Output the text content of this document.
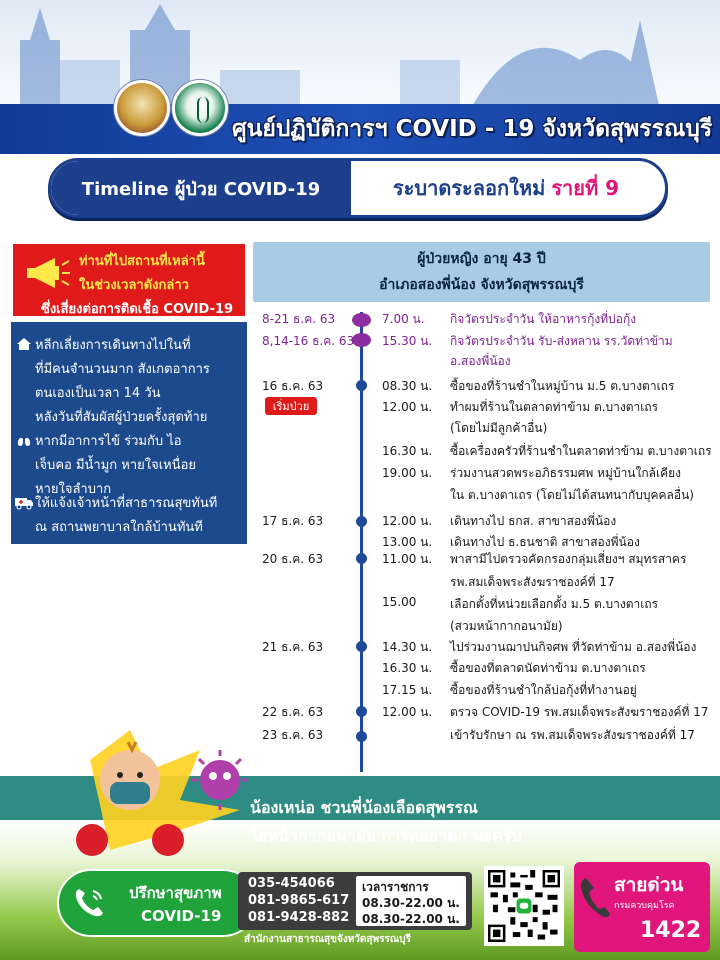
ศูนย์ปฏิบัติการฯ COVID - 19 จังหวัดสุพรรณบุรี
Timeline ผู้ป่วย COVID-19	ระบาดระลอกใหม่ รายที่ 9
ท่านที่ไปสถานที่เหล่านี้
ในช่วงเวลาดังกล่าว
ซึ่งเสี่ยงต่อการติดเชื้อ COVID-19
หลีกเลี่ยงการเดินทางไปในที่
ที่มีคนจำนวนมาก สังเกตอาการ
ตนเองเป็นเวลา 14 วัน
หลังวันที่สัมผัสผู้ป่วยครั้งสุดท้าย
หากมีอาการไข้ ร่วมกับ ไอ
เจ็บคอ มีน้ำมูก หายใจเหนื่อย
หายใจลำบาก
ให้แจ้งเจ้าหน้าที่สาธารณสุขทันที
ณ สถานพยาบาลใกล้บ้านทันที
ผู้ป่วยหญิง อายุ 43 ปี
อำเภอสองพี่น้อง จังหวัดสุพรรณบุรี
เริ่มป่วย
8-21 ธ.ค. 63	7.00 น. กิจวัตรประจำวัน ให้อาหารกุ้งที่บ่อกุ้ง
8,14-16 ธ.ค. 63 15.30 น. กิจวัตรประจำวัน รับ-ส่งหลาน รร.วัดท่าข้าม
อ.สองพี่น้อง
16 ธ.ค. 63	08.30 น. ซื้อของที่ร้านชำในหมู่บ้าน ม.5 ต.บางตาเถร
12.00 น. ทำผมที่ร้านในตลาดท่าข้าม ต.บางตาเถร
(โดยไม่มีลูกค้าอื่น)
16.30 น. ซื้อเครื่องครัวที่ร้านชำในตลาดท่าข้าม ต.บางตาเถร
19.00 น. ร่วมงานสวดพระอภิธรรมศพ หมู่บ้านใกล้เคียง
ใน ต.บางตาเถร (โดยไม่ได้สนทนากับบุคคลอื่น)
17 ธ.ค. 63	12.00 น. เดินทางไป ธกส. สาขาสองพี่น้อง
13.00 น. เดินทางไป ธ.ธนชาติ สาขาสองพี่น้อง
20 ธ.ค. 63	11.00 น. พาสามีไปตรวจคัดกรองกลุ่มเสี่ยงฯ สมุทรสาคร
รพ.สมเด็จพระสังฆราชองค์ที่ 17
15.00	เลือกตั้งที่หน่วยเลือกตั้ง ม.5 ต.บางตาเถร
(สวมหน้ากากอนามัย)
21 ธ.ค. 63	14.30 น. ไปร่วมงานฌาปนกิจศพ ที่วัดท่าข้าม อ.สองพี่น้อง
16.30 น. ซื้อของที่ตลาดนัดท่าข้าม ต.บางตาเถร
17.15 น. ซื้อของที่ร้านชำใกล้บ่อกุ้งที่ทำงานอยู่
22 ธ.ค. 63	12.00 น. ตรวจ COVID-19 รพ.สมเด็จพระสังฆราชองค์ที่ 17
23 ธ.ค. 63	เข้ารับรักษา ณ รพ.สมเด็จพระสังฆราชองค์ที่ 17
น้องเหน่อ ชวนพี่น้องเลือดสุพรรณ
ใส่หน้ากากอนามัย การ์ดอย่าตก นะครับ
ปรึกษาสุขภาพ
COVID-19
035-454066
081-9865-617
081-9428-882
เวลาราชการ
08.30-22.00 น.
08.30-22.00 น.
สำนักงานสาธารณสุขจังหวัดสุพรรณบุรี
สายด่วน
กรมควบคุมโรค
1422
